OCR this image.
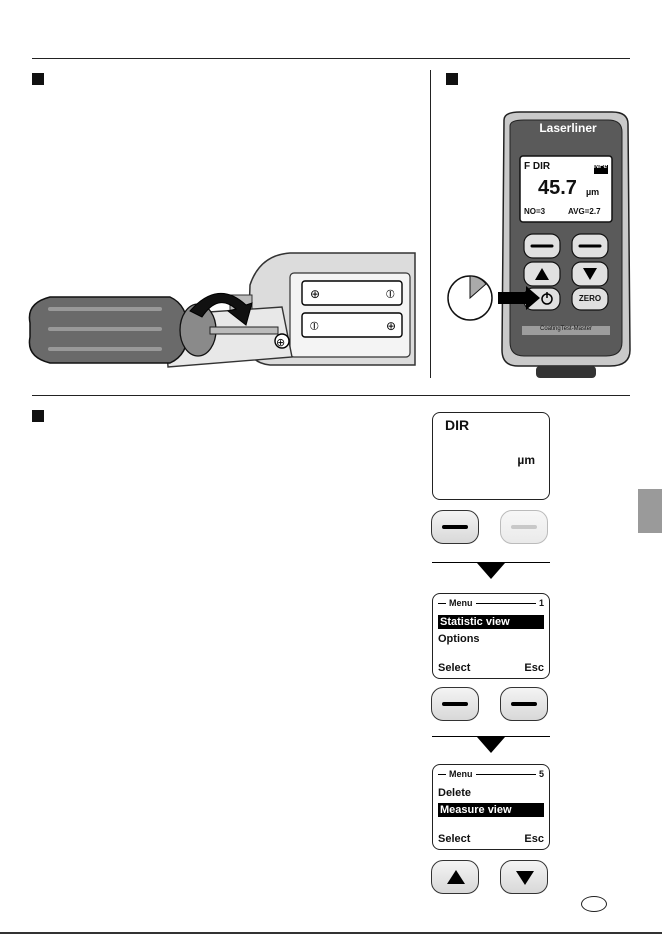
⊕	⦶
⦶	⊕
⊕
Laserliner
F DIR	NFe
45.7 µm
NO=3	AVG=2.7
ZERO
CoatingTest-Master
DIR
µm
Menu	1
Statistic view
Options
Select	Esc
Menu	5
Delete
Measure view
Select	Esc
